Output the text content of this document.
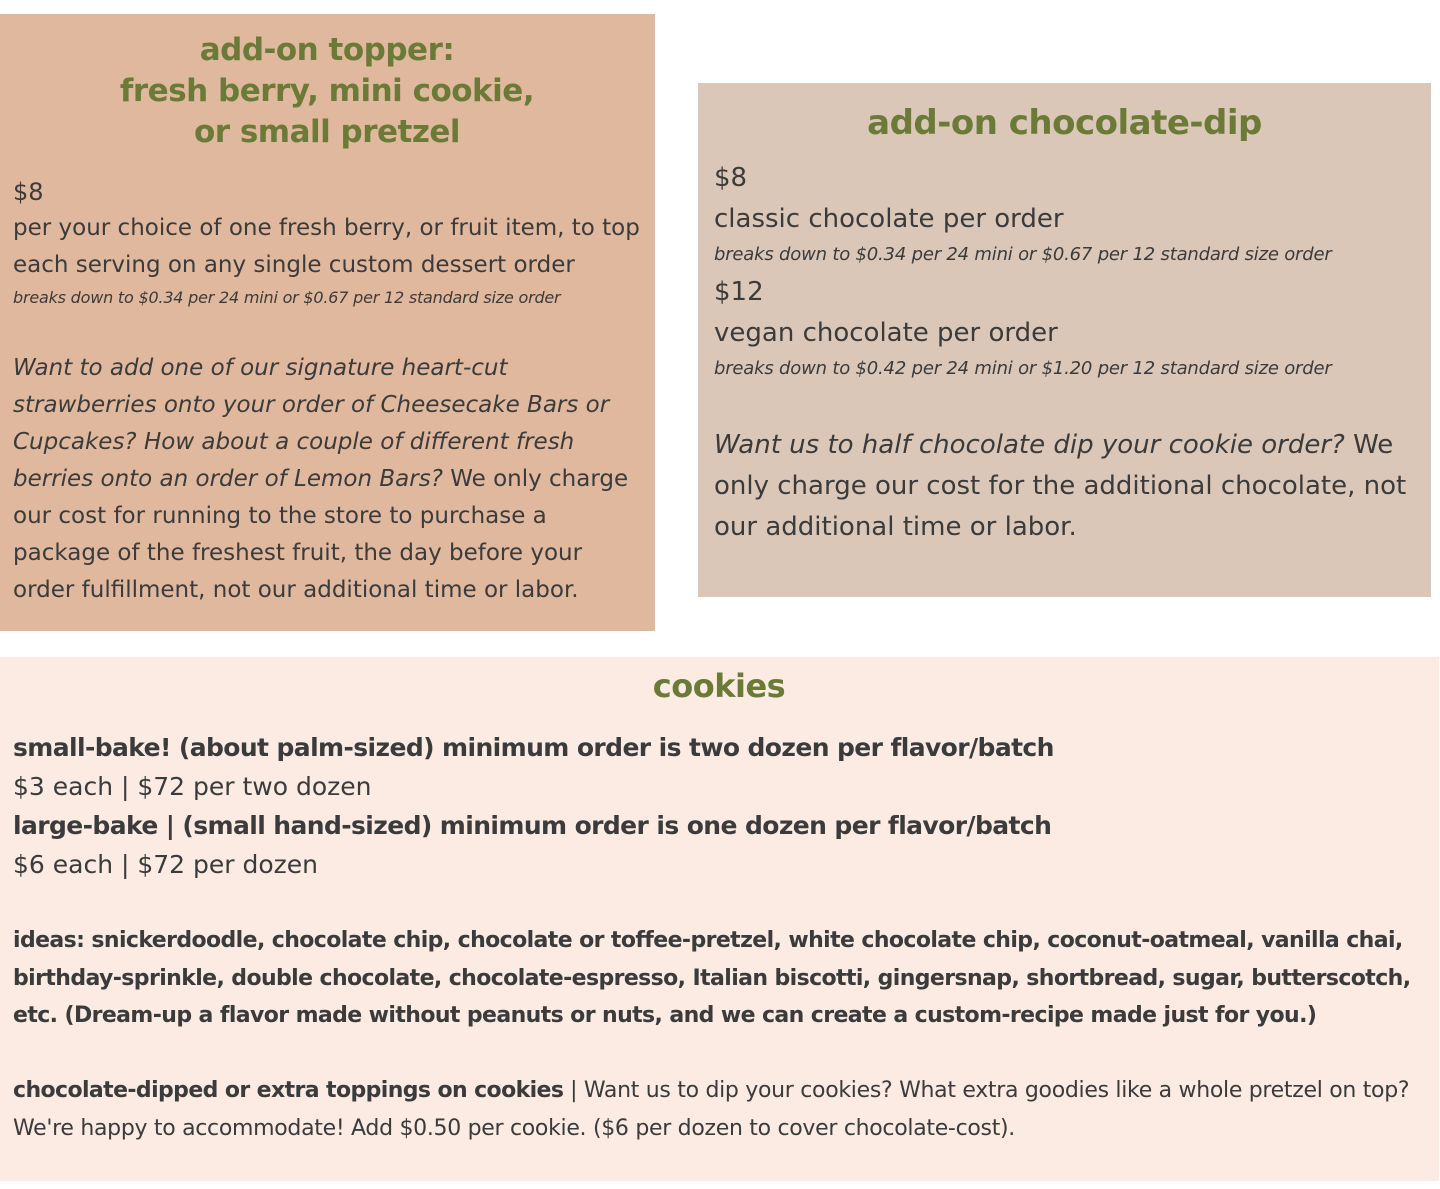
add-on topper:
fresh berry, mini cookie,
or small pretzel

$8

per your choice of one fresh berry, or fruit item, to top each serving on any single custom dessert order

breaks down to $0.34 per 24 mini or $0.67 per 12 standard size order

Want to add one of our signature heart-cut strawberries onto your order of Cheesecake Bars or Cupcakes? How about a couple of different fresh berries onto an order of Lemon Bars? We only charge our cost for running to the store to purchase a package of the freshest fruit, the day before your order fulfillment, not our additional time or labor.

add-on chocolate-dip

$8

classic chocolate per order

breaks down to $0.34 per 24 mini or $0.67 per 12 standard size order

$12

vegan chocolate per order

breaks down to $0.42 per 24 mini or $1.20 per 12 standard size order

Want us to half chocolate dip your cookie order? We only charge our cost for the additional chocolate, not our additional time or labor.

cookies

small-bake! (about palm-sized) minimum order is two dozen per flavor/batch

$3 each | $72 per two dozen

large-bake | (small hand-sized) minimum order is one dozen per flavor/batch

$6 each | $72 per dozen

ideas: snickerdoodle, chocolate chip, chocolate or toffee-pretzel, white chocolate chip, coconut-oatmeal, vanilla chai, birthday-sprinkle, double chocolate, chocolate-espresso, Italian biscotti, gingersnap, shortbread, sugar, butterscotch, etc. (Dream-up a flavor made without peanuts or nuts, and we can create a custom-recipe made just for you.)

chocolate-dipped or extra toppings on cookies | Want us to dip your cookies? What extra goodies like a whole pretzel on top? We're happy to accommodate! Add $0.50 per cookie. ($6 per dozen to cover chocolate-cost).
